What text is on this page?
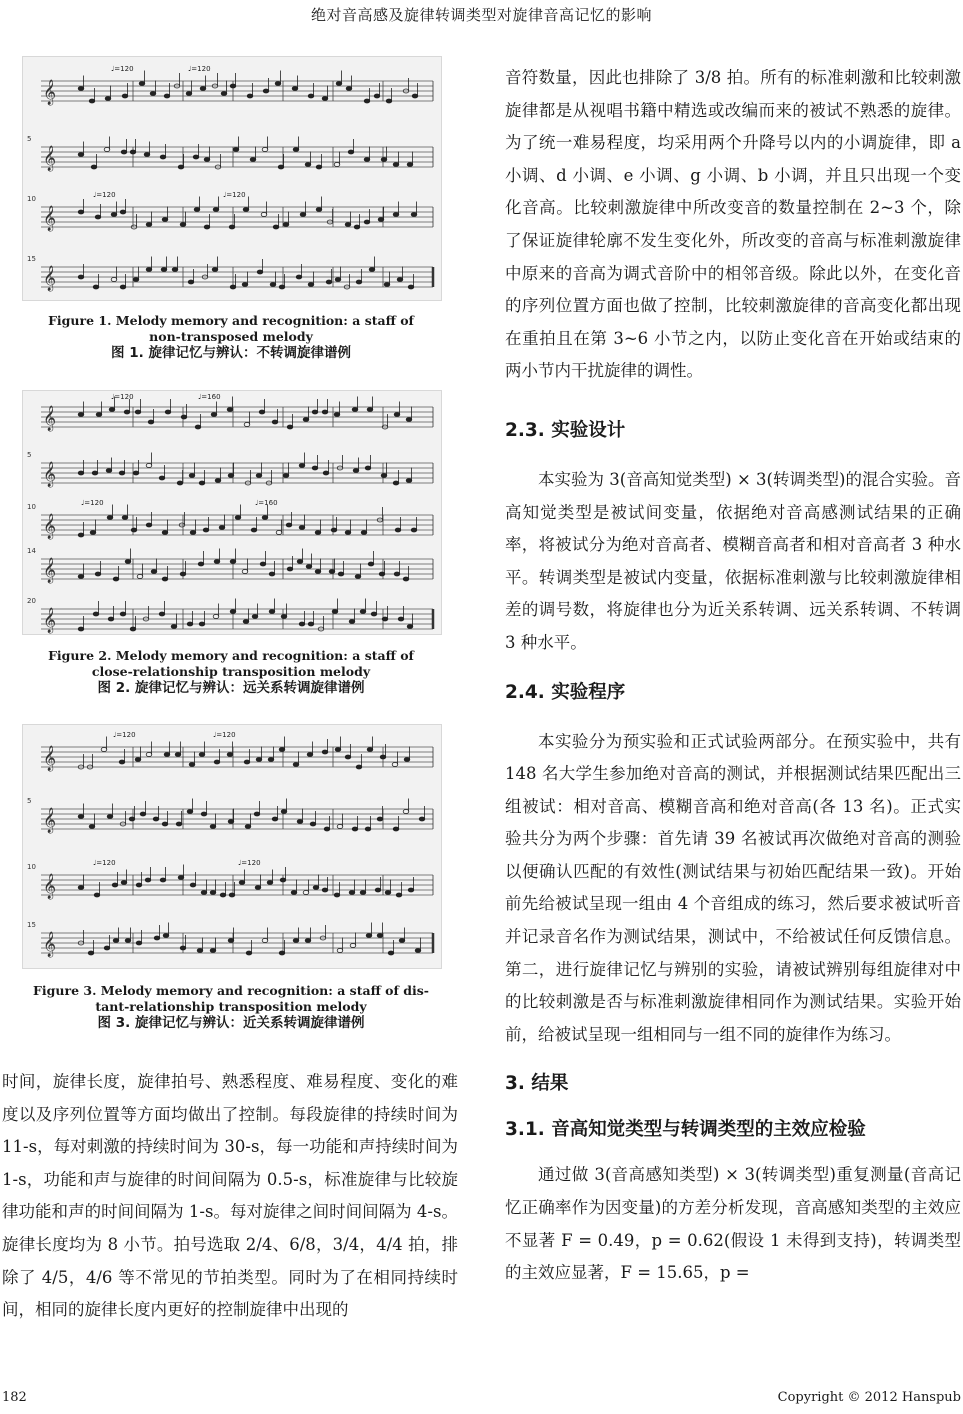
绝对音高感及旋律转调类型对旋律音高记忆的影响
𝄞
𝄞
5
𝄞
10
𝄞
15
♩=120	♩=120
♩=120	♩=120
Figure 1. Melody memory and recognition: a staff of
non-transposed melody
图 1. 旋律记忆与辨认：不转调旋律谱例
𝄞
𝄞
5
𝄞
10
𝄞
14
𝄞
20
♩=120	♩=160
♩=120	♩=160
Figure 2. Melody memory and recognition: a staff of
close-relationship transposition melody
图 2. 旋律记忆与辨认：远关系转调旋律谱例
𝄞
𝄞
5
𝄞
10
𝄞
15
♩=120	♩=120
♩=120	♩=120
Figure 3. Melody memory and recognition: a staff of dis-
tant-relationship transposition melody
图 3. 旋律记忆与辨认：近关系转调旋律谱例

时间，旋律长度，旋律拍号、熟悉程度、难易程度、变化的难度以及序列位置等方面均做出了控制。每段旋律的持续时间为 11-s，每对刺激的持续时间为 30-s，每一功能和声持续时间为 1-s，功能和声与旋律的时间间隔为 0.5-s，标准旋律与比较旋律功能和声的时间间隔为 1-s。每对旋律之间时间间隔为 4-s。旋律长度均为 8 小节。拍号选取 2/4、6/8，3/4，4/4 拍，排除了 4/5，4/6 等不常见的节拍类型。同时为了在相同持续时间，相同的旋律长度内更好的控制旋律中出现的

音符数量，因此也排除了 3/8 拍。所有的标准刺激和比较刺激旋律都是从视唱书籍中精选或改编而来的被试不熟悉的旋律。为了统一难易程度，均采用两个升降号以内的小调旋律，即 a 小调、d 小调、e 小调、g 小调、b 小调，并且只出现一个变化音高。比较刺激旋律中所改变音的数量控制在 2~3 个，除了保证旋律轮廓不发生变化外，所改变的音高与标准刺激旋律中原来的音高为调式音阶中的相邻音级。除此以外，在变化音的序列位置方面也做了控制，比较刺激旋律的音高变化都出现在重拍且在第 3~6 小节之内，以防止变化音在开始或结束的两小节内干扰旋律的调性。

2.3. 实验设计

本实验为 3(音高知觉类型) × 3(转调类型)的混合实验。音高知觉类型是被试间变量，依据绝对音高感测试结果的正确率，将被试分为绝对音高者、模糊音高者和相对音高者 3 种水平。转调类型是被试内变量，依据标准刺激与比较刺激旋律相差的调号数，将旋律也分为近关系转调、远关系转调、不转调 3 种水平。

2.4. 实验程序

本实验分为预实验和正式试验两部分。在预实验中，共有 148 名大学生参加绝对音高的测试，并根据测试结果匹配出三组被试：相对音高、模糊音高和绝对音高(各 13 名)。正式实验共分为两个步骤：首先请 39 名被试再次做绝对音高的测验以便确认匹配的有效性(测试结果与初始匹配结果一致)。开始前先给被试呈现一组由 4 个音组成的练习，然后要求被试听音并记录音名作为测试结果，测试中，不给被试任何反馈信息。第二，进行旋律记忆与辨别的实验，请被试辨别每组旋律对中的比较刺激是否与标准刺激旋律相同作为测试结果。实验开始前，给被试呈现一组相同与一组不同的旋律作为练习。

3. 结果

3.1. 音高知觉类型与转调类型的主效应检验

通过做 3(音高感知类型) × 3(转调类型)重复测量(音高记忆正确率作为因变量)的方差分析发现，音高感知类型的主效应不显著 F = 0.49，p = 0.62(假设 1 未得到支持)，转调类型的主效应显著，F = 15.65，p =

182	Copyright © 2012 Hanspub
